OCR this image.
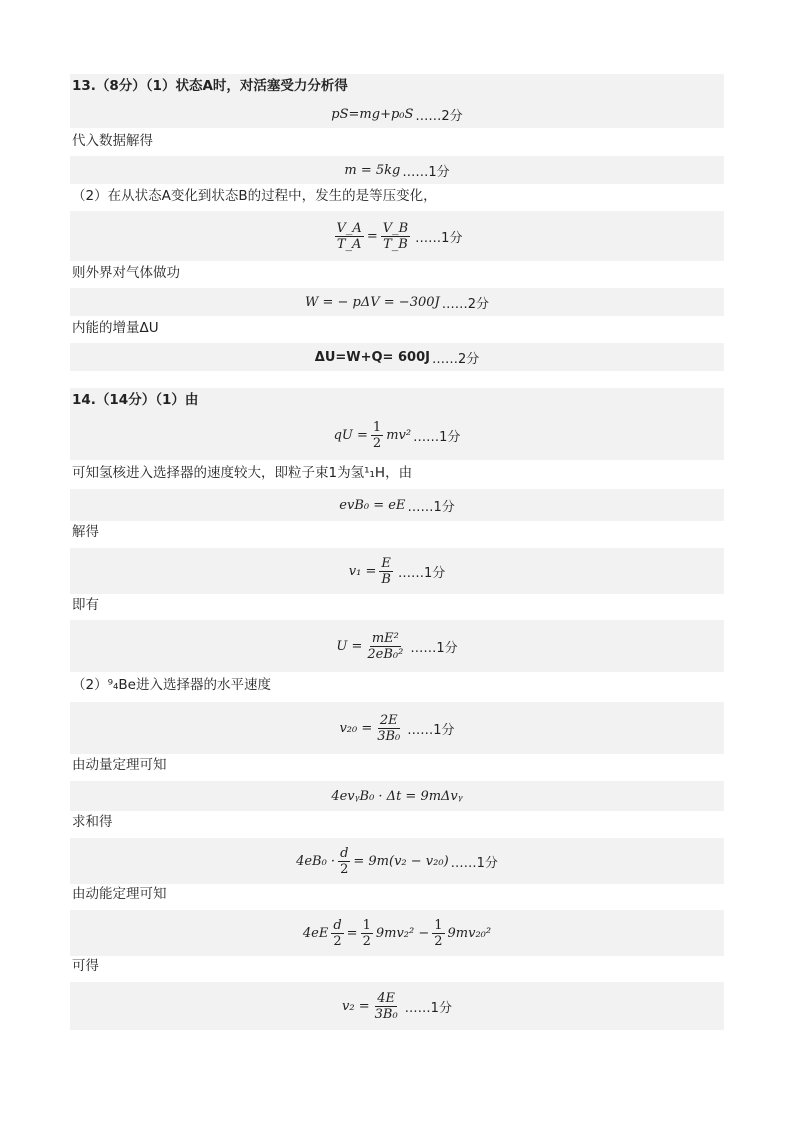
13.（8分）（1）状态A时，对活塞受力分析得
pS=mg+p₀S ……2分
代入数据解得
m = 5kg ……1分
（2）在从状态A变化到状态B的过程中，发生的是等压变化，
$\frac{V\_A}{T\_A} = \frac{V\_B}{T\_B}$ ……1分
则外界对气体做功
W = − pΔV = −300J ……2分
内能的增量ΔU
ΔU=W+Q= 600J ……2分
14.（14分）（1）由
qU = $\frac{1}{2} mv^2$ ……1分
可知氢核进入选择器的速度较大，即粒子束1为氢¹₁H，由
evB₀ = eE ……1分
解得
$v_1 = \frac{E}{B}$ ……1分
即有
$U = \frac{\text{mE²}}{\text{2eB₀²}}$ ……1分
（2）⁹₄Be进入选择器的水平速度
$v_{20} = \frac{2E}{\text{3B₀}}$ ……1分
由动量定理可知
4evᵧB₀ · Δt = 9mΔvᵧ
求和得
$4eB_0 \cdot \frac{d}{2} = 9m(v_2 - v_{20})$ ……1分
由动能定理可知
$4eE \frac{d}{2} = \frac{1}{2} 9mv_2^2 - \frac{1}{2} 9mv_{20}^2$
可得
$v_2 = \frac{4E}{\text{3B₀}}$ ……1分
